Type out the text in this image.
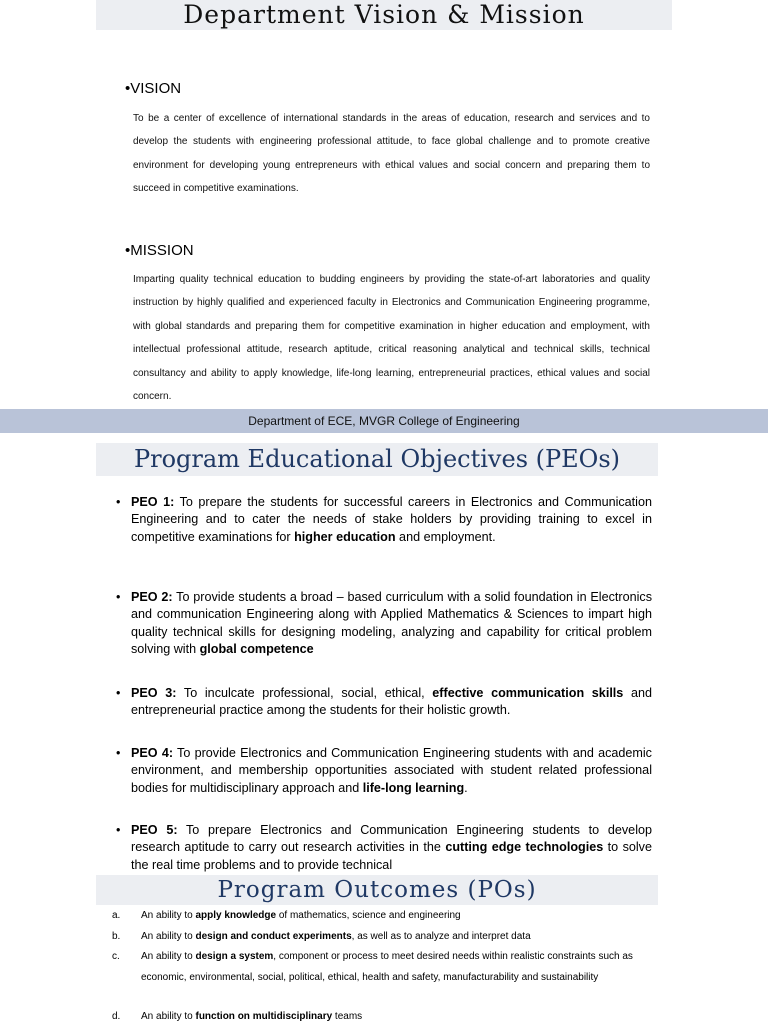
Department Vision & Mission
•VISION
To be a center of excellence of international standards in the areas of education, research and services and to develop the students with engineering professional attitude, to face global challenge and to promote creative environment for developing young entrepreneurs with ethical values and social concern and preparing them to succeed in competitive examinations.
•MISSION
Imparting quality technical education to budding engineers by providing the state-of-art laboratories and quality instruction by highly qualified and experienced faculty in Electronics and Communication Engineering programme, with global standards and preparing them for competitive examination in higher education and employment, with intellectual professional attitude, research aptitude, critical reasoning analytical and technical skills, technical consultancy and ability to apply knowledge, life-long learning, entrepreneurial practices, ethical values and social concern.
Department of ECE, MVGR College of Engineering
Program Educational Objectives (PEOs)
• PEO 1: To prepare the students for successful careers in Electronics and Communication Engineering and to cater the needs of stake holders by providing training to excel in competitive examinations for higher education and employment.
• PEO 2: To provide students a broad – based curriculum with a solid foundation in Electronics and communication Engineering along with Applied Mathematics & Sciences to impart high quality technical skills for designing modeling, analyzing and capability for critical problem solving with global competence
• PEO 3: To inculcate professional, social, ethical, effective communication skills and entrepreneurial practice among the students for their holistic growth.
• PEO 4: To provide Electronics and Communication Engineering students with and academic environment, and membership opportunities associated with student related professional bodies for multidisciplinary approach and life-long learning.
• PEO 5: To prepare Electronics and Communication Engineering students to develop research aptitude to carry out research activities in the cutting edge technologies to solve the real time problems and to provide technical
Program Outcomes (POs)
a. An ability to apply knowledge of mathematics, science and engineering
b. An ability to design and conduct experiments, as well as to analyze and interpret data
c. An ability to design a system, component or process to meet desired needs within realistic constraints such as economic, environmental, social, political, ethical, health and safety, manufacturability and sustainability
d. An ability to function on multidisciplinary teams
